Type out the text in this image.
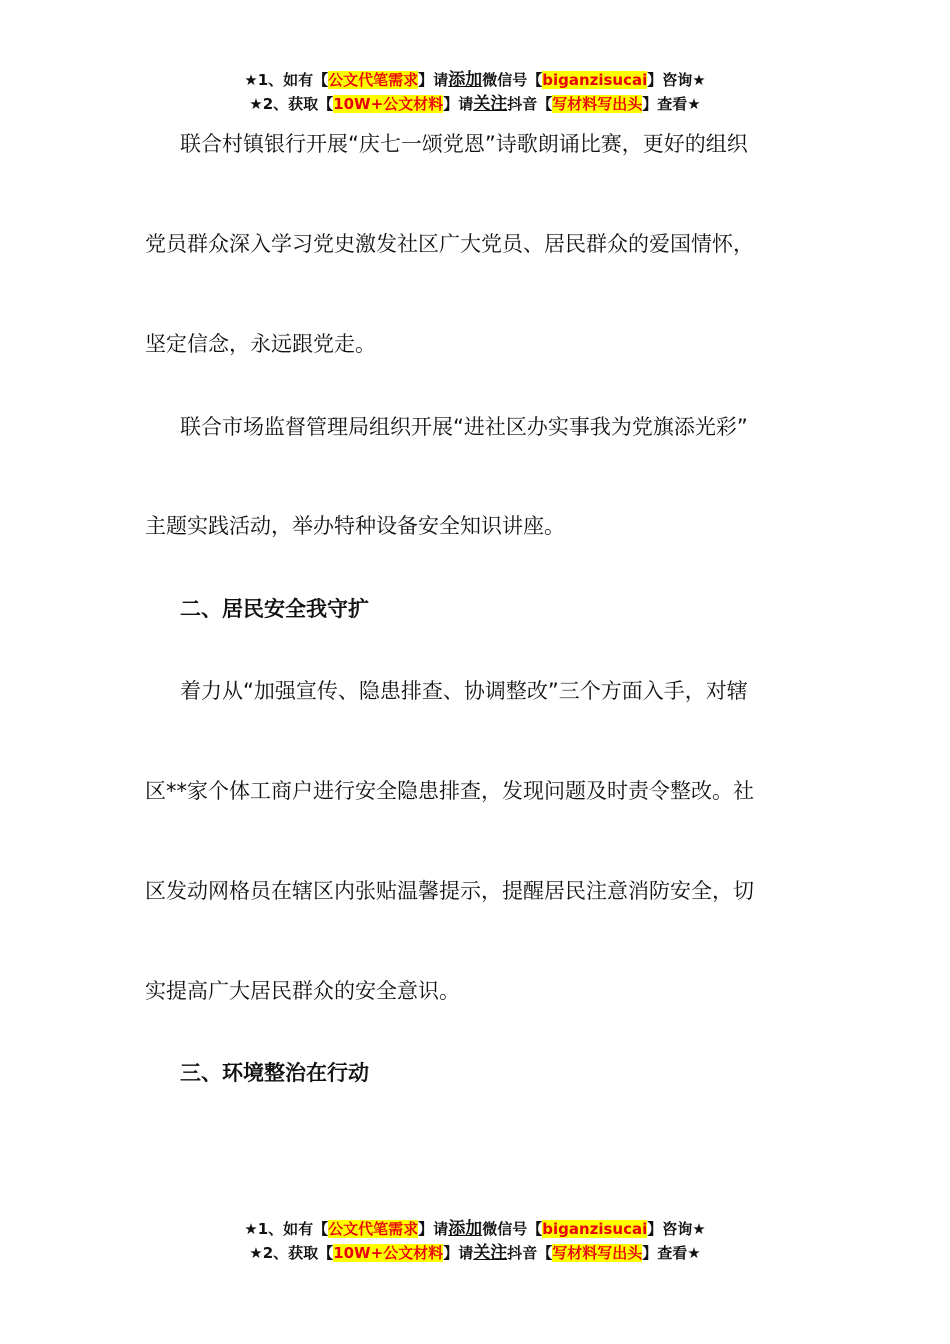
★1、如有【公文代笔需求】请添加微信号【biganzisucai】咨询★
★2、获取【10W+公文材料】请关注抖音【写材料写出头】查看★
联合村镇银行开展“庆七一颂党恩”诗歌朗诵比赛，更好的组织
党员群众深入学习党史激发社区广大党员、居民群众的爱国情怀，
坚定信念，永远跟党走。
联合市场监督管理局组织开展“进社区办实事我为党旗添光彩”
主题实践活动，举办特种设备安全知识讲座。
二、居民安全我守扩
着力从“加强宣传、隐患排查、协调整改”三个方面入手，对辖
区**家个体工商户进行安全隐患排查，发现问题及时责令整改。社
区发动网格员在辖区内张贴温馨提示，提醒居民注意消防安全，切
实提高广大居民群众的安全意识。
三、环境整治在行动
★1、如有【公文代笔需求】请添加微信号【biganzisucai】咨询★
★2、获取【10W+公文材料】请关注抖音【写材料写出头】查看★
